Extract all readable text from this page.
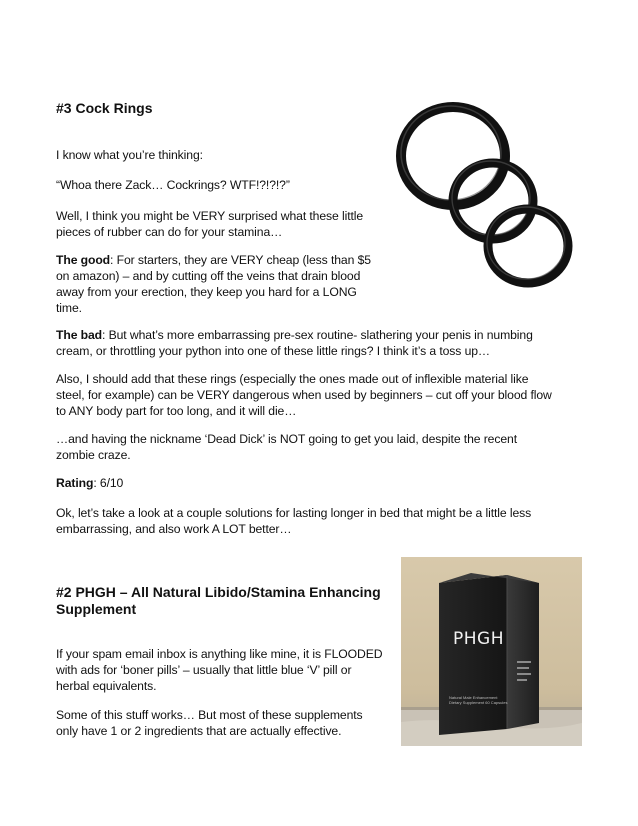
#3 Cock Rings

I know what you’re thinking:

“Whoa there Zack… Cockrings? WTF!?!?!?”

Well, I think you might be VERY surprised what these little

pieces of rubber can do for your stamina…

The good: For starters, they are VERY cheap (less than $5

on amazon) – and by cutting off the veins that drain blood

away from your erection, they keep you hard for a LONG

time.

The bad: But what’s more embarrassing pre-sex routine- slathering your penis in numbing

cream, or throttling your python into one of these little rings? I think it’s a toss up…

Also, I should add that these rings (especially the ones made out of inflexible material like

steel, for example) can be VERY dangerous when used by beginners – cut off your blood flow

to ANY body part for too long, and it will die…

…and having the nickname ‘Dead Dick’ is NOT going to get you laid, despite the recent

zombie craze.

Rating: 6/10

Ok, let’s take a look at a couple solutions for lasting longer in bed that might be a little less

embarrassing, and also work A LOT better…

#2 PHGH – All Natural Libido/Stamina Enhancing
Supplement

If your spam email inbox is anything like mine, it is FLOODED

with ads for ‘boner pills’ – usually that little blue ‘V’ pill or

herbal equivalents.

Some of this stuff works… But most of these supplements

only have 1 or 2 ingredients that are actually effective.

PHGH
Natural Male Enhancement
Dietary Supplement 60 Capsules
